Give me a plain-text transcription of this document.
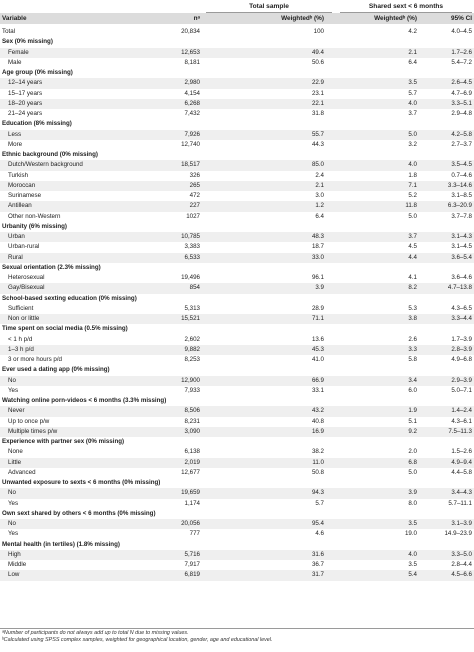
Total sample	Shared sext < 6 months
Variable	nᵃ	Weightedᵇ (%)	Weightedᵇ (%)	95% CI
Total	20,834	100	4.2	4.0–4.5
Sex (0% missing)
Female	12,653	49.4	2.1	1.7–2.6
Male	8,181	50.6	6.4	5.4–7.2
Age group (0% missing)
12–14 years	2,980	22.9	3.5	2.6–4.5
15–17 years	4,154	23.1	5.7	4.7–6.9
18–20 years	6,268	22.1	4.0	3.3–5.1
21–24 years	7,432	31.8	3.7	2.9–4.8
Education (8% missing)
Less	7,926	55.7	5.0	4.2–5.8
More	12,740	44.3	3.2	2.7–3.7
Ethnic background (0% missing)
Dutch/Western background	18,517	85.0	4.0	3.5–4.5
Turkish	326	2.4	1.8	0.7–4.6
Moroccan	265	2.1	7.1	3.3–14.6
Surinamese	472	3.0	5.2	3.1–8.5
Antillean	227	1.2	11.8	6.3–20.9
Other non-Western	1027	6.4	5.0	3.7–7.8
Urbanity (6% missing)
Urban	10,785	48.3	3.7	3.1–4.3
Urban-rural	3,383	18.7	4.5	3.1–4.5
Rural	6,533	33.0	4.4	3.6–5.4
Sexual orientation (2.3% missing)
Heterosexual	19,496	96.1	4.1	3.6–4.6
Gay/Bisexual	854	3.9	8.2	4.7–13.8
School-based sexting education (0% missing)
Sufficient	5,313	28.9	5.3	4.3–6.5
Non or little	15,521	71.1	3.8	3.3–4.4
Time spent on social media (0.5% missing)
< 1 h p/d	2,602	13.6	2.6	1.7–3.9
1–3 h p/d	9,882	45.3	3.3	2.8–3.9
3 or more hours p/d	8,253	41.0	5.8	4.9–6.8
Ever used a dating app (0% missing)
No	12,900	66.9	3.4	2.9–3.9
Yes	7,933	33.1	6.0	5.0–7.1
Watching online porn-videos < 6 months (3.3% missing)
Never	8,506	43.2	1.9	1.4–2.4
Up to once p/w	8,231	40.8	5.1	4.3–6.1
Multiple times p/w	3,090	16.9	9.2	7.5–11.3
Experience with partner sex (0% missing)
None	6,138	38.2	2.0	1.5–2.6
Little	2,019	11.0	6.8	4.9–9.4
Advanced	12,677	50.8	5.0	4.4–5.8
Unwanted exposure to sexts < 6 months (0% missing)
No	19,659	94.3	3.9	3.4–4.3
Yes	1,174	5.7	8.0	5.7–11.1
Own sext shared by others < 6 months (0% missing)
No	20,056	95.4	3.5	3.1–3.9
Yes	777	4.6	19.0	14.9–23.9
Mental health (in tertiles) (1.8% missing)
High	5,716	31.6	4.0	3.3–5.0
Middle	7,917	36.7	3.5	2.8–4.4
Low	6,819	31.7	5.4	4.5–6.6
ᵃNumber of participants do not always add up to total N due to missing values.
ᵇCalculated using SPSS complex samples, weighted for geographical location, gender, age and educational level.
